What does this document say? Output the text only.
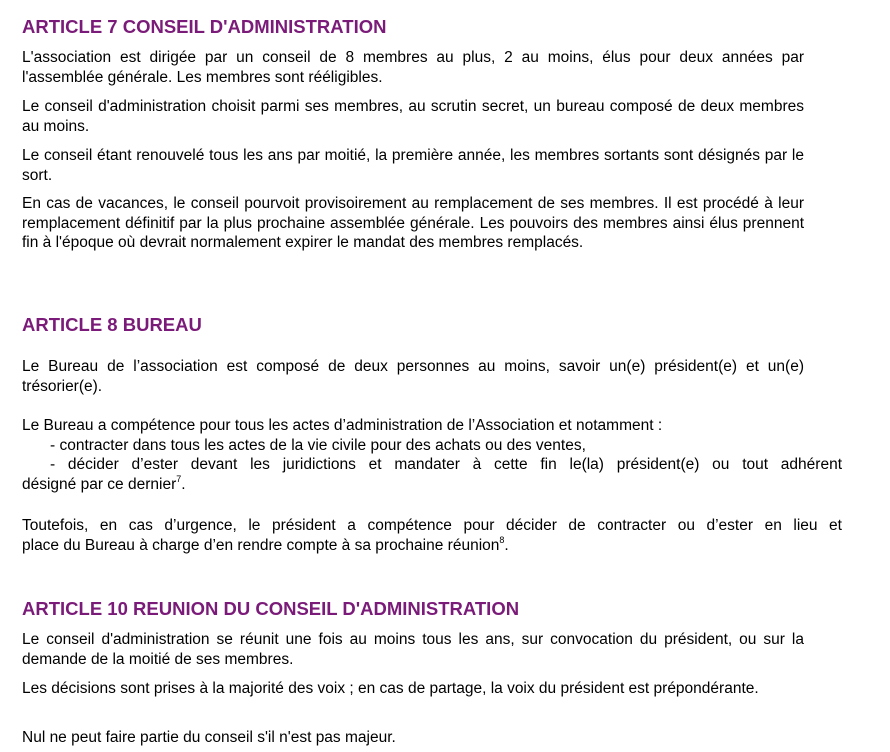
ARTICLE 7 CONSEIL D'ADMINISTRATION

L'association est dirigée par un conseil de 8 membres au plus, 2 au moins, élus pour deux années par l'assemblée générale. Les membres sont rééligibles.

Le conseil d'administration choisit parmi ses membres, au scrutin secret, un bureau composé de deux membres au moins.

Le conseil étant renouvelé tous les ans par moitié, la première année, les membres sortants sont désignés par le sort.

En cas de vacances, le conseil pourvoit provisoirement au remplacement de ses membres. Il est procédé à leur remplacement définitif par la plus prochaine assemblée générale. Les pouvoirs des membres ainsi élus prennent fin à l'époque où devrait normalement expirer le mandat des membres remplacés.

ARTICLE 8 BUREAU

Le Bureau de l’association est composé de deux personnes au moins, savoir un(e) président(e) et un(e) trésorier(e).

Le Bureau a compétence pour tous les actes d’administration de l’Association et notamment :
- contracter dans tous les actes de la vie civile pour des achats ou des ventes,
- décider d’ester devant les juridictions et mandater à cette fin le(la) président(e) ou tout adhérent
désigné par ce dernier$^7$.
Toutefois, en cas d’urgence, le président a compétence pour décider de contracter ou d’ester en lieu et
place du Bureau à charge d’en rendre compte à sa prochaine réunion$^8$.
ARTICLE 10 REUNION DU CONSEIL D'ADMINISTRATION

Le conseil d'administration se réunit une fois au moins tous les ans, sur convocation du président, ou sur la demande de la moitié de ses membres.

Les décisions sont prises à la majorité des voix ; en cas de partage, la voix du président est prépondérante.

Nul ne peut faire partie du conseil s'il n'est pas majeur.
